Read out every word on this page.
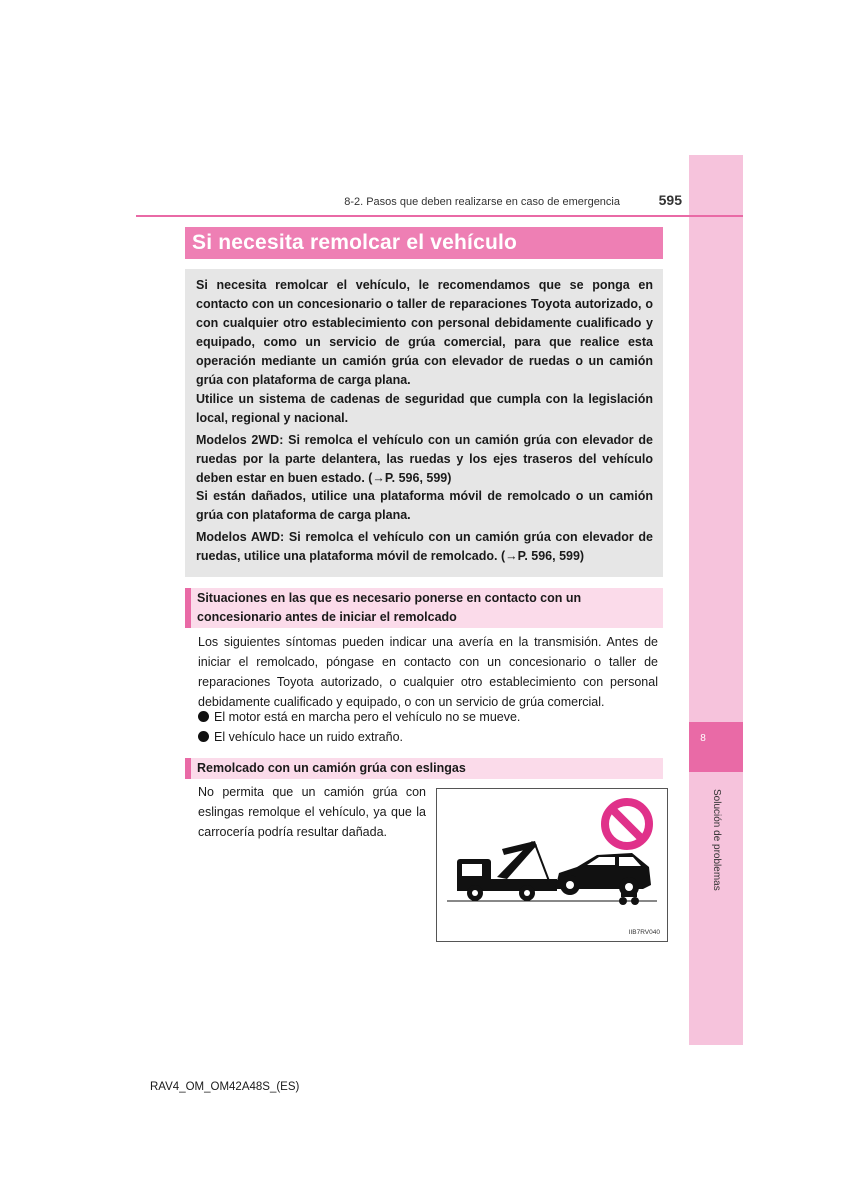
8
Solución de problemas
8-2. Pasos que deben realizarse en caso de emergencia	595
Si necesita remolcar el vehículo
Si necesita remolcar el vehículo, le recomendamos que se ponga en contacto con un concesionario o taller de reparaciones Toyota autorizado, o con cualquier otro establecimiento con personal debidamente cualificado y equipado, como un servicio de grúa comercial, para que realice esta operación mediante un camión grúa con elevador de ruedas o un camión grúa con plataforma de carga plana.
Utilice un sistema de cadenas de seguridad que cumpla con la legislación local, regional y nacional.
Modelos 2WD: Si remolca el vehículo con un camión grúa con elevador de ruedas por la parte delantera, las ruedas y los ejes traseros del vehículo deben estar en buen estado. (→P. 596, 599)
Si están dañados, utilice una plataforma móvil de remolcado o un camión grúa con plataforma de carga plana.
Modelos AWD: Si remolca el vehículo con un camión grúa con elevador de ruedas, utilice una plataforma móvil de remolcado. (→P. 596, 599)
Situaciones en las que es necesario ponerse en contacto con un concesionario antes de iniciar el remolcado
Los siguientes síntomas pueden indicar una avería en la transmisión. Antes de iniciar el remolcado, póngase en contacto con un concesionario o taller de reparaciones Toyota autorizado, o cualquier otro establecimiento con personal debidamente cualificado y equipado, o con un servicio de grúa comercial.
El motor está en marcha pero el vehículo no se mueve.
El vehículo hace un ruido extraño.
Remolcado con un camión grúa con eslingas
No permita que un camión grúa con eslingas remolque el vehículo, ya que la carrocería podría resultar dañada.
IIB7RV040
RAV4_OM_OM42A48S_(ES)
